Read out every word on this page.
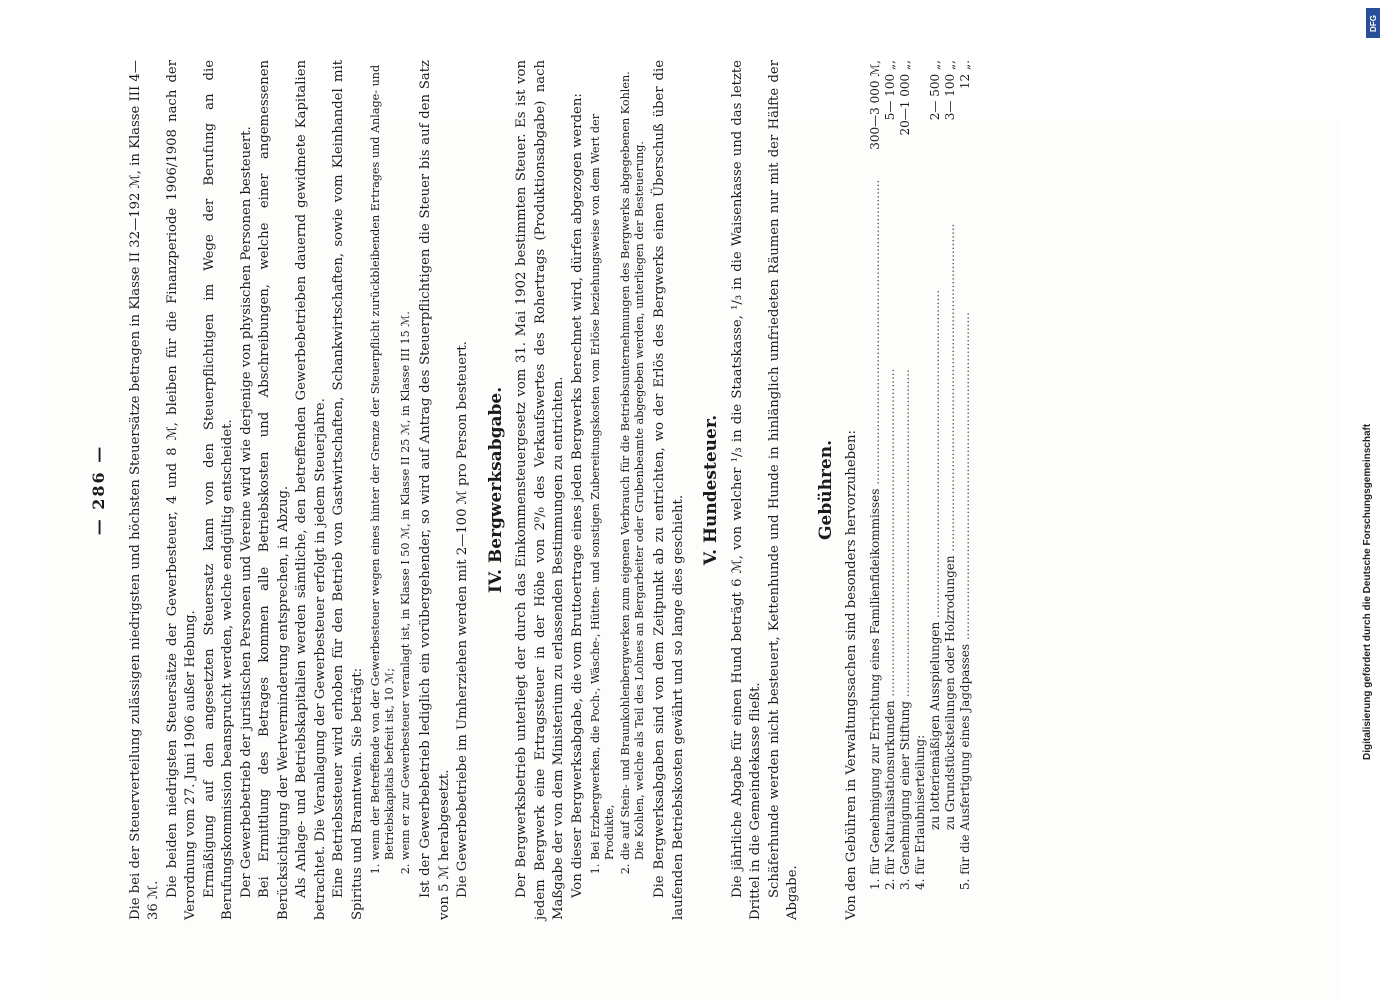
— 286 — Die bei der Steuerverteilung zulässigen niedrigsten und höchsten Steuersätze betragen in Klasse II 32—192 ℳ, in Klasse III 4—36 ℳ.

Die beiden niedrigsten Steuersätze der Gewerbesteuer, 4 und 8 ℳ, bleiben für die Finanzperiode 1906/1908 nach der Verordnung vom 27. Juni 1906 außer Hebung. Ermäßigung auf den angesetzten Steuersatz kann von den Steuerpflichtigen im Wege der Berufung an die Berufungskommission beansprucht werden, welche endgültig entscheidet. Der Gewerbebetrieb der juristischen Personen und Vereine wird wie derjenige von physischen Personen besteuert. Bei Ermittlung des Betrages kommen alle Betriebskosten und Abschreibungen, welche einer angemessenen Berücksichtigung der Wertverminderung entsprechen, in Abzug. Als Anlage- und Betriebskapitalien werden sämtliche, den betreffenden Gewerbebetrieben dauernd gewidmete Kapitalien betrachtet. Die Veranlagung der Gewerbesteuer erfolgt in jedem Steuerjahre. Eine Betriebssteuer wird erhoben für den Betrieb von Gastwirtschaften, Schankwirtschaften, sowie vom Kleinhandel mit Spiritus und Branntwein. Sie beträgt: 1. wenn der Betreffende von der Gewerbesteuer wegen eines hinter der Grenze der Steuerpflicht zurückbleibenden Ertrages und Anlage- und Betriebskapitals befreit ist, 10 ℳ; 2. wenn er zur Gewerbesteuer veranlagt ist, in Klasse I 50 ℳ, in Klasse II 25 ℳ, in Klasse III 15 ℳ. Ist der Gewerbebetrieb lediglich ein vorübergehender, so wird auf Antrag des Steuerpflichtigen die Steuer bis auf den Satz von 5 ℳ herabgesetzt. Die Gewerbebetriebe im Umherziehen werden mit 2—100 ℳ pro Person besteuert. IV. Bergwerksabgabe. Der Bergwerksbetrieb unterliegt der durch das Einkommensteuergesetz vom 31. Mai 1902 bestimmten Steuer. Es ist von jedem Bergwerk eine Ertragssteuer in der Höhe von 2⁰/₀ des Verkaufswertes des Rohertrags (Produktionsabgabe) nach Maßgabe der von dem Ministerium zu erlassenden Bestimmungen zu entrichten. Von dieser Bergwerksabgabe, die vom Bruttoertrage eines jeden Bergwerks berechnet wird, dürfen abgezogen werden: 1. Bei Erzbergwerken, die Poch-, Wäsche-, Hütten- und sonstigen Zubereitungskosten vom Erlöse beziehungsweise von dem Wert der Produkte, 2. die auf Stein- und Braunkohlenbergwerken zum eigenen Verbrauch für die Betriebsunternehmungen des Bergwerks abgegebenen Kohlen. Die Kohlen, welche als Teil des Lohnes an Bergarbeiter oder Grubenbeamte abgegeben werden, unterliegen der Besteuerung. Die Bergwerksabgaben sind von dem Zeitpunkt ab zu entrichten, wo der Erlös des Bergwerks einen Überschuß über die laufenden Betriebskosten gewährt und so lange dies geschieht.

V. Hundesteuer. Die jährliche Abgabe für einen Hund beträgt 6 ℳ, von welcher ¹/₃ in die Staatskasse, ¹/₃ in die Waisenkasse und das letzte Drittel in die Gemeindekasse fließt. Schäferhunde werden nicht besteuert, Kettenhunde und Hunde in hinlänglich umfriedeten Räumen nur mit der Hälfte der Abgabe.

Gebühren. Von den Gebühren in Verwaltungssachen sind besonders hervorzuheben: 1. für Genehmigung zur Errichtung eines Familienfideikommisses .....
300—3 000 ℳ,
2. für Naturalisationsurkunden .....
5— 100 „,
3. Genehmigung einer Stiftung .....
20—1 000 „,
4. für Erlaubniserteilung: zu lotteriemäßigen Ausspielungen .....
2— 500 „,
zu Grundstücksteilungen oder Holzrodungen .....
3— 100 „,
5. für die Ausfertigung eines Jagdpasses .....
12 „.
DFG
Digitalisierung gefördert durch die Deutsche Forschungsgemeinschaft
